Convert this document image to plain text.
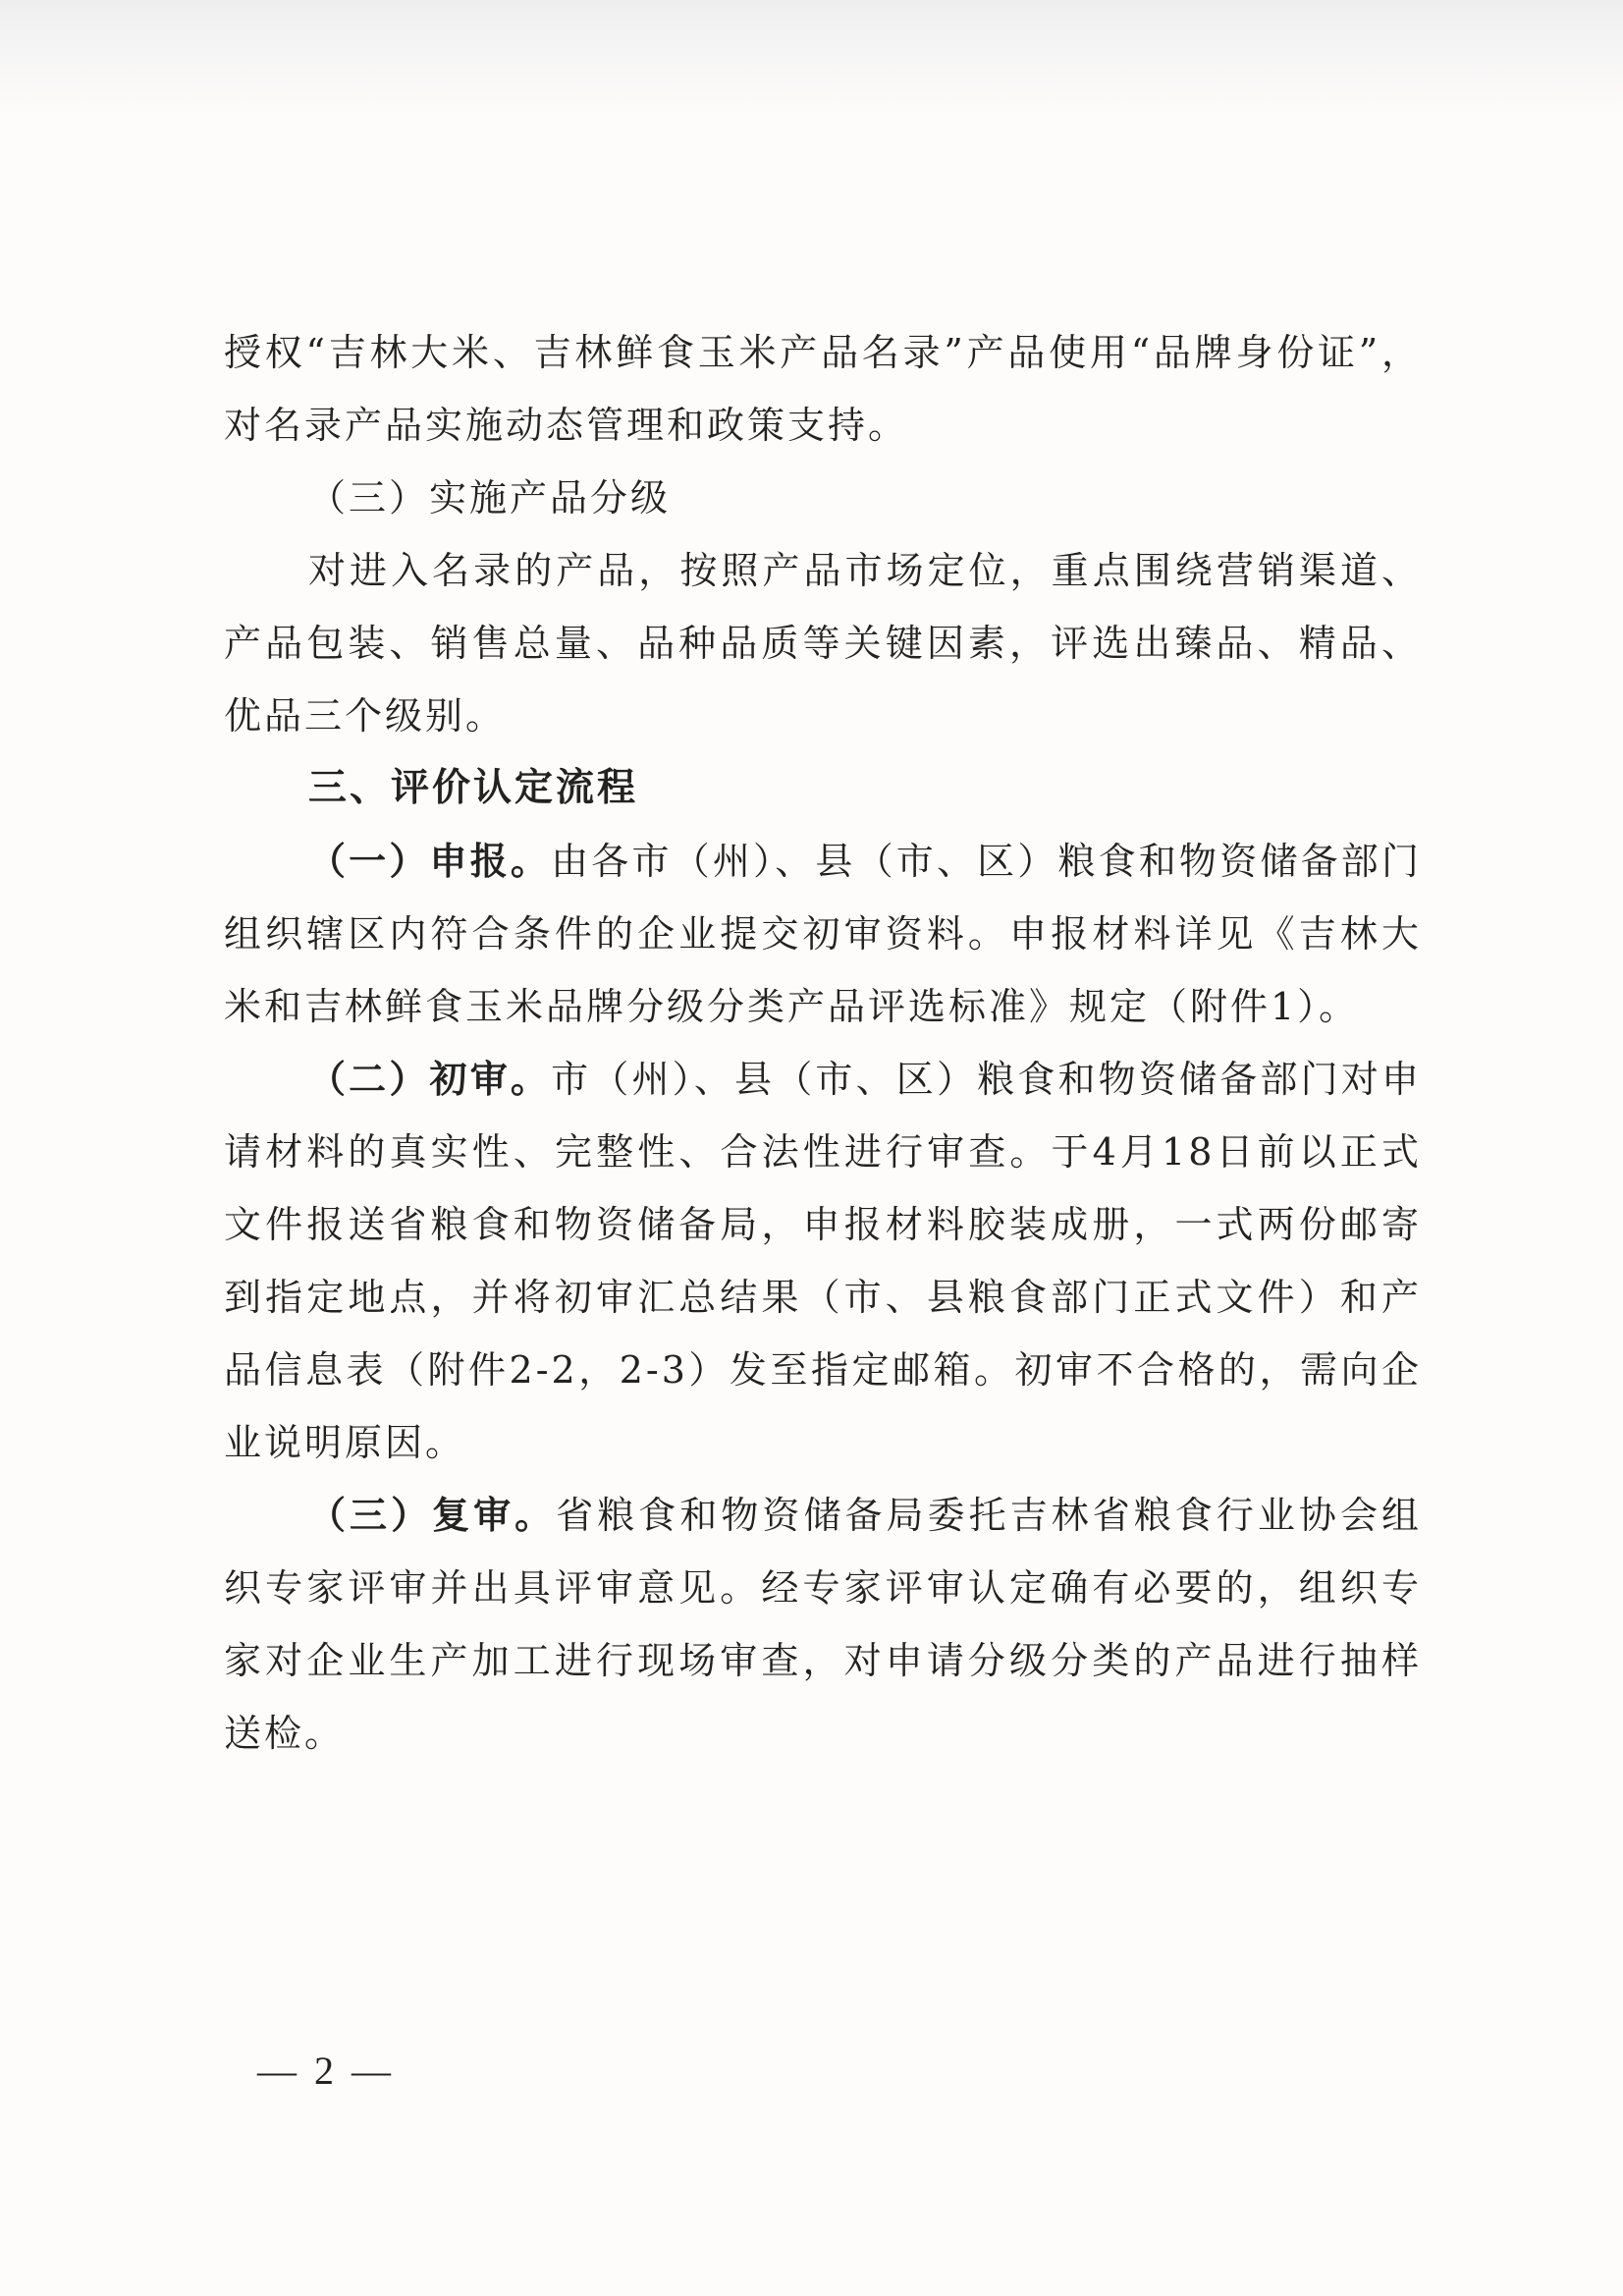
授权“吉林大米、吉林鲜食玉米产品名录”产品使用“品牌身份证”，对名录产品实施动态管理和政策支持。

（三）实施产品分级

对进入名录的产品，按照产品市场定位，重点围绕营销渠道、产品包装、销售总量、品种品质等关键因素，评选出臻品、精品、优品三个级别。

三、评价认定流程

（一）申报。由各市（州）、县（市、区）粮食和物资储备部门组织辖区内符合条件的企业提交初审资料。申报材料详见《吉林大米和吉林鲜食玉米品牌分级分类产品评选标准》规定（附件1）。

（二）初审。市（州）、县（市、区）粮食和物资储备部门对申请材料的真实性、完整性、合法性进行审查。于4月18日前以正式文件报送省粮食和物资储备局，申报材料胶装成册，一式两份邮寄到指定地点，并将初审汇总结果（市、县粮食部门正式文件）和产品信息表（附件2-2，2-3）发至指定邮箱。初审不合格的，需向企业说明原因。

（三）复审。省粮食和物资储备局委托吉林省粮食行业协会组织专家评审并出具评审意见。经专家评审认定确有必要的，组织专家对企业生产加工进行现场审查，对申请分级分类的产品进行抽样送检。

— 2 —
